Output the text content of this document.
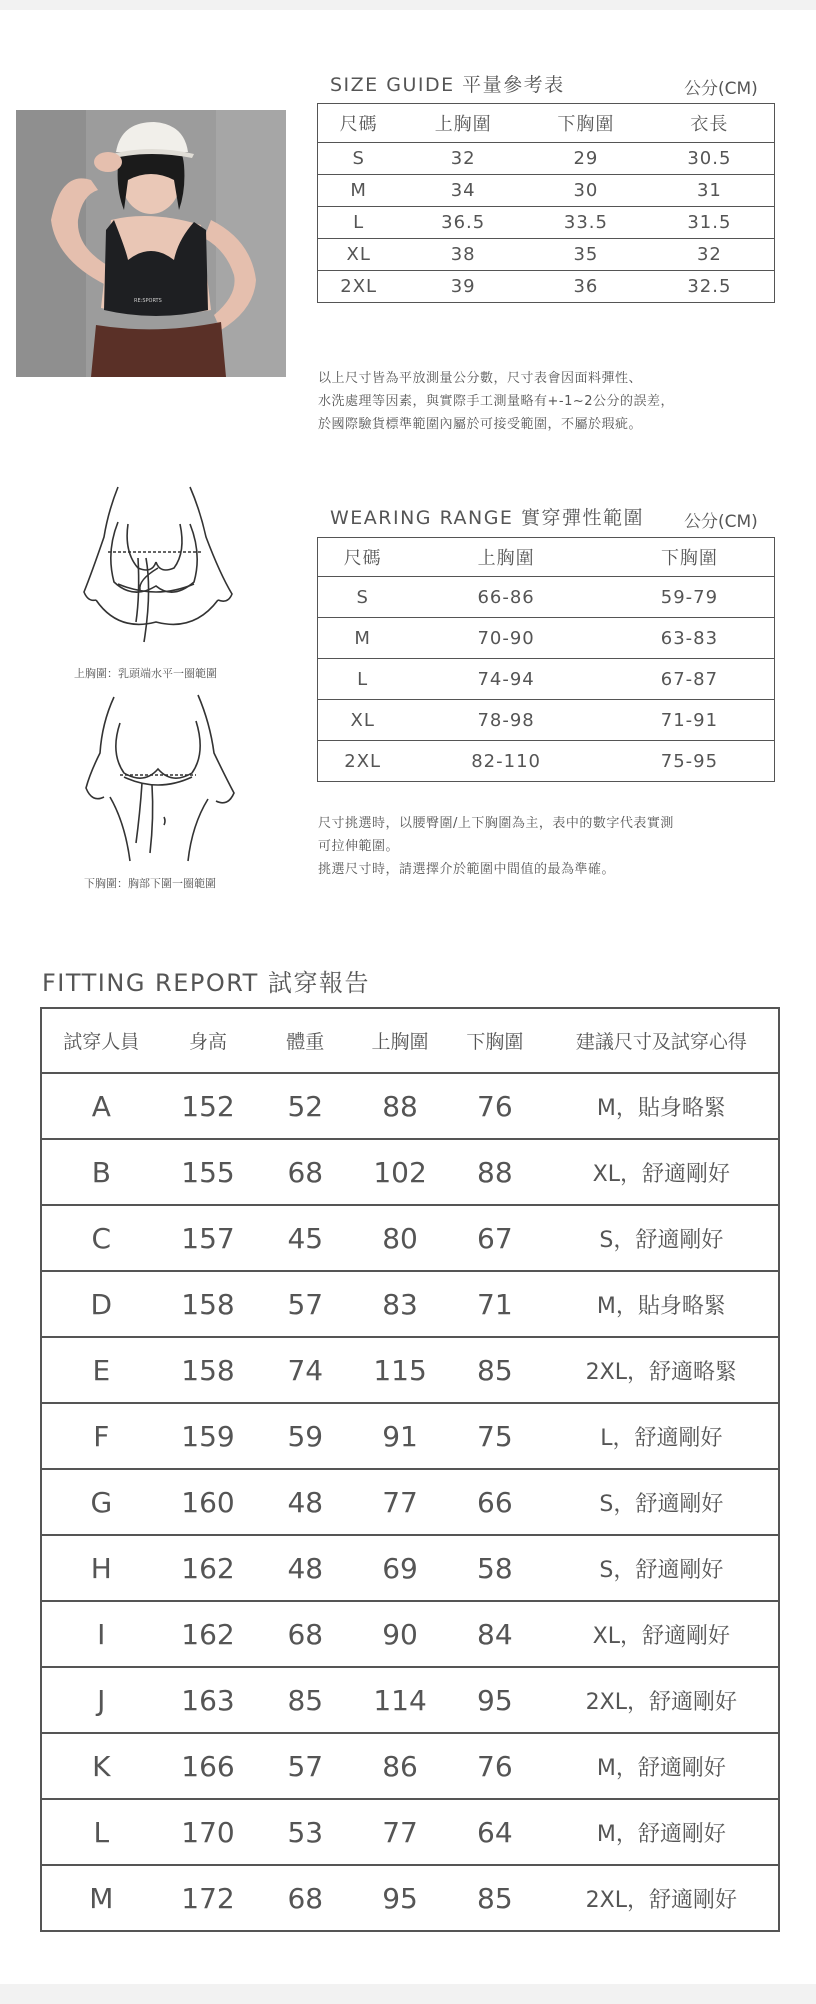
RE:SPORTS
SIZE GUIDE 平量參考表	公分(CM)
尺碼	上胸圍	下胸圍	衣長
S	32	29	30.5
M	34	30	31
L	36.5	33.5	31.5
XL	38	35	32
2XL	39	36	32.5
以上尺寸皆為平放測量公分數，尺寸表會因面料彈性、
水洗處理等因素，與實際手工測量略有+-1~2公分的誤差，
於國際驗貨標準範圍內屬於可接受範圍，不屬於瑕疵。
上胸圍：乳頭端水平一圈範圍
下胸圍：胸部下圍一圈範圍
WEARING RANGE 實穿彈性範圍 公分(CM)
尺碼	上胸圍	下胸圍
S	66-86	59-79
M	70-90	63-83
L	74-94	67-87
XL	78-98	71-91
2XL	82-110	75-95
尺寸挑選時，以腰臀圍/上下胸圍為主，表中的數字代表實測
可拉伸範圍。
挑選尺寸時，請選擇介於範圍中間值的最為準確。
FITTING REPORT 試穿報告
試穿人員	身高	體重	上胸圍	下胸圍	建議尺寸及試穿心得
A	152	52	88	76	M，貼身略緊
B	155	68	102	88	XL，舒適剛好
C	157	45	80	67	S，舒適剛好
D	158	57	83	71	M，貼身略緊
E	158	74	115	85	2XL，舒適略緊
F	159	59	91	75	L，舒適剛好
G	160	48	77	66	S，舒適剛好
H	162	48	69	58	S，舒適剛好
I	162	68	90	84	XL，舒適剛好
J	163	85	114	95	2XL，舒適剛好
K	166	57	86	76	M，舒適剛好
L	170	53	77	64	M，舒適剛好
M	172	68	95	85	2XL，舒適剛好
